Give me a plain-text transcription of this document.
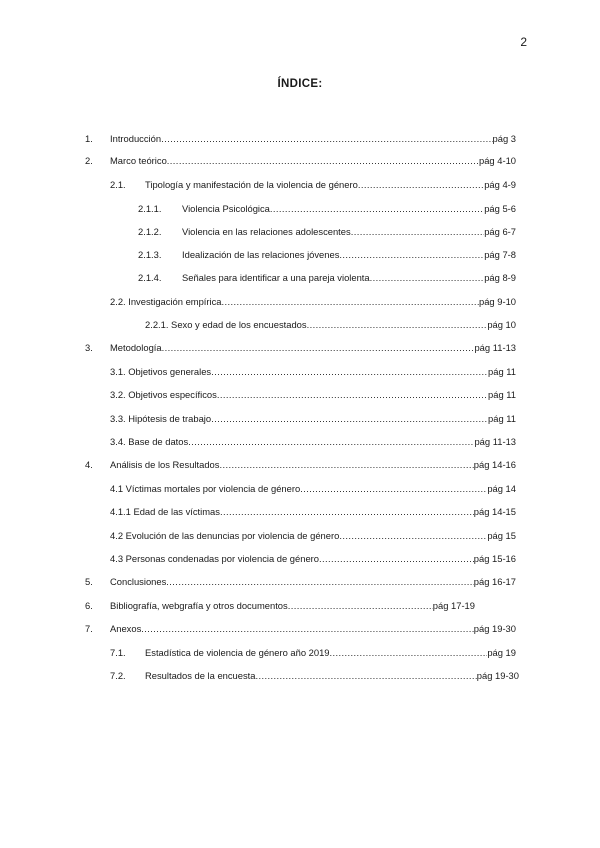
2
ÍNDICE:
1.	Introducción .....	pág 3
2.	Marco teórico .....	pág 4-10
2.1.	Tipología y manifestación de la violencia de género .....	pág 4-9
2.1.1.	Violencia Psicológica .....	pág 5-6
2.1.2.	Violencia en las relaciones adolescentes .....	pág 6-7
2.1.3.	Idealización de las relaciones jóvenes .....	pág 7-8
2.1.4.	Señales para identificar a una pareja violenta .....	pág 8-9
2.2. Investigación empírica .....	pág 9-10
2.2.1. Sexo y edad de los encuestados .....	pág 10
3.	Metodología .....	pág 11-13
3.1. Objetivos generales .....	pág 11
3.2. Objetivos específicos .....	pág 11
3.3. Hipótesis de trabajo .....	pág 11
3.4. Base de datos .....	pág 11-13
4.	Análisis de los Resultados .....	pág 14-16
4.1 Víctimas mortales por violencia de género .....	pág 14
4.1.1 Edad de las víctimas .....	pág 14-15
4.2 Evolución de las denuncias por violencia de género .....	pág 15
4.3 Personas condenadas por violencia de género .....	pág 15-16
5.	Conclusiones .....	pág 16-17
6.	Bibliografía, webgrafía y otros documentos .....	pág 17-19
7.	Anexos .....	pág 19-30
7.1.	Estadística de violencia de género año 2019 .....	pág 19
7.2.	Resultados de la encuesta .....	pág 19-30
